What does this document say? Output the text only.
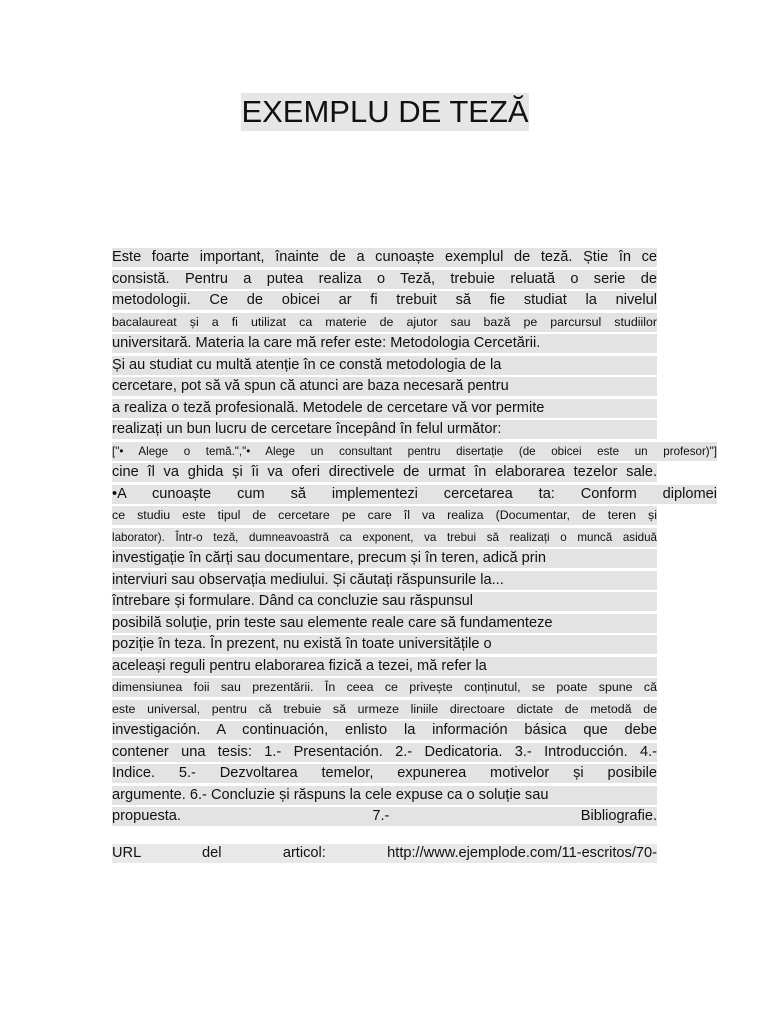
EXEMPLU DE TEZĂ
Este foarte important, înainte de a cunoaște exemplul de teză. Știe în ce
consistă. Pentru a putea realiza o Teză, trebuie reluată o serie de
metodologii. Ce de obicei ar fi trebuit să fie studiat la nivelul
bacalaureat și a fi utilizat ca materie de ajutor sau bază pe parcursul studiilor
universitară. Materia la care mă refer este: Metodologia Cercetării.
Și au studiat cu multă atenție în ce constă metodologia de la
cercetare, pot să vă spun că atunci are baza necesară pentru
a realiza o teză profesională. Metodele de cercetare vă vor permite
realizați un bun lucru de cercetare începând în felul următor:
["• Alege o temă.","• Alege un consultant pentru disertație (de obicei este un profesor)"]
cine îl va ghida și îi va oferi directivele de urmat în elaborarea tezelor sale.
•A cunoaște cum să implementezi cercetarea ta: Conform diplomei
ce studiu este tipul de cercetare pe care îl va realiza (Documentar, de teren și
laborator). Într-o teză, dumneavoastră ca exponent, va trebui să realizați o muncă asiduă
investigație în cărți sau documentare, precum și în teren, adică prin
interviuri sau observația mediului. Și căutați răspunsurile la...
întrebare și formulare. Dând ca concluzie sau răspunsul
posibilă soluție, prin teste sau elemente reale care să fundamenteze
poziție în teza. În prezent, nu există în toate universitățile o
aceleași reguli pentru elaborarea fizică a tezei, mă refer la
dimensiunea foii sau prezentării. În ceea ce privește conținutul, se poate spune că
este universal, pentru că trebuie să urmeze liniile directoare dictate de metodă de
investigación. A continuación, enlisto la información básica que debe
contener una tesis: 1.- Presentación. 2.- Dedicatoria. 3.- Introducción. 4.-
Indice. 5.- Dezvoltarea temelor, expunerea motivelor și posibile
argumente. 6.- Concluzie și răspuns la cele expuse ca o soluție sau
propuesta. 7.- Bibliografie.
URL del articol: http://www.ejemplode.com/11-escritos/70-
